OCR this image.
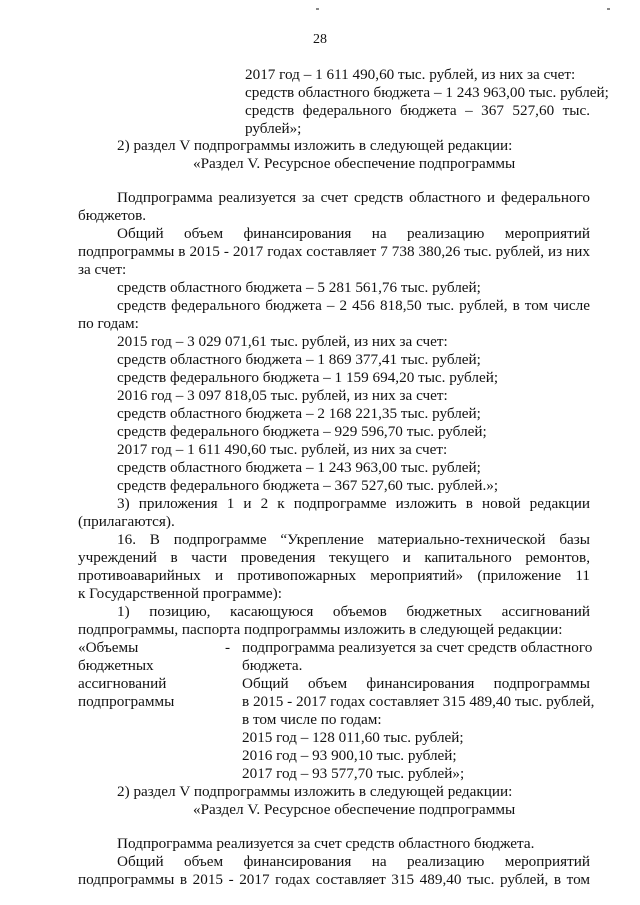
28
2017 год – 1 611 490,60 тыс. рублей, из них за счет:
средств областного бюджета – 1 243 963,00 тыс. рублей;
средств федерального бюджета – 367 527,60 тыс.
рублей»;
2) раздел V подпрограммы изложить в следующей редакции:
«Раздел V. Ресурсное обеспечение подпрограммы
Подпрограмма реализуется за счет средств областного и федерального
бюджетов.
Общий объем финансирования на реализацию мероприятий
подпрограммы в 2015 - 2017 годах составляет 7 738 380,26 тыс. рублей, из них
за счет:
средств областного бюджета – 5 281 561,76 тыс. рублей;
средств федерального бюджета – 2 456 818,50 тыс. рублей, в том числе
по годам:
2015 год – 3 029 071,61 тыс. рублей, из них за счет:
средств областного бюджета – 1 869 377,41 тыс. рублей;
средств федерального бюджета – 1 159 694,20 тыс. рублей;
2016 год – 3 097 818,05 тыс. рублей, из них за счет:
средств областного бюджета – 2 168 221,35 тыс. рублей;
средств федерального бюджета – 929 596,70 тыс. рублей;
2017 год – 1 611 490,60 тыс. рублей, из них за счет:
средств областного бюджета – 1 243 963,00 тыс. рублей;
средств федерального бюджета – 367 527,60 тыс. рублей.»;
3) приложения 1 и 2 к подпрограмме изложить в новой редакции
(прилагаются).
16. В подпрограмме “Укрепление материально-технической базы
учреждений в части проведения текущего и капитального ремонтов,
противоаварийных и противопожарных мероприятий» (приложение 11
к Государственной программе):
1) позицию, касающуюся объемов бюджетных ассигнований
подпрограммы, паспорта подпрограммы изложить в следующей редакции:
«Объемы
бюджетных
ассигнований
подпрограммы
- подпрограмма реализуется за счет средств областного
бюджета.
Общий объем финансирования подпрограммы
в 2015 - 2017 годах составляет 315 489,40 тыс. рублей,
в том числе по годам:
2015 год – 128 011,60 тыс. рублей;
2016 год – 93 900,10 тыс. рублей;
2017 год – 93 577,70 тыс. рублей»;
2) раздел V подпрограммы изложить в следующей редакции:
«Раздел V. Ресурсное обеспечение подпрограммы
Подпрограмма реализуется за счет средств областного бюджета.
Общий объем финансирования на реализацию мероприятий
подпрограммы в 2015 - 2017 годах составляет 315 489,40 тыс. рублей, в том
